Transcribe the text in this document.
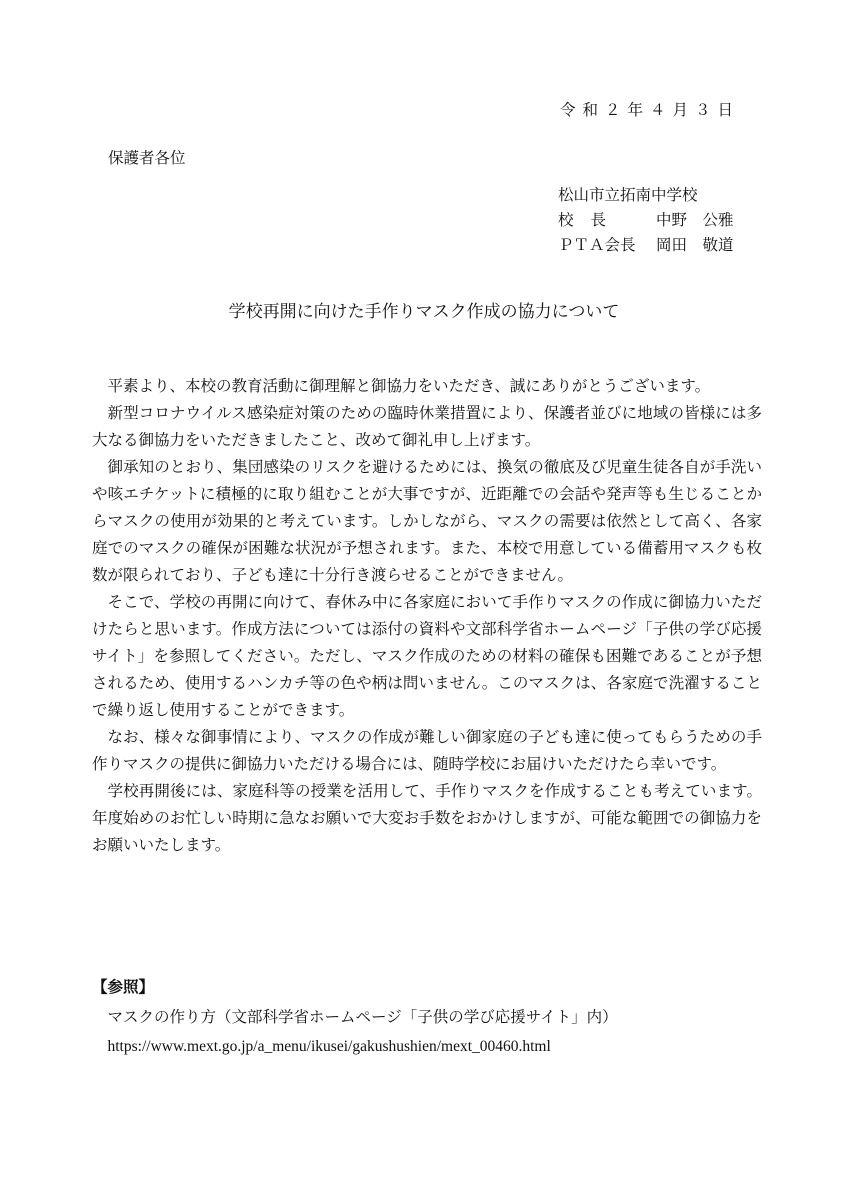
令和２年４月３日
保護者各位
松山市立拓南中学校
校長	中野　公雅
ＰＴＡ会長	岡田　敬道
学校再開に向けた手作りマスク作成の協力について

平素より、本校の教育活動に御理解と御協力をいただき、誠にありがとうございます。

新型コロナウイルス感染症対策のための臨時休業措置により、保護者並びに地域の皆様には多大なる御協力をいただきましたこと、改めて御礼申し上げます。

御承知のとおり、集団感染のリスクを避けるためには、換気の徹底及び児童生徒各自が手洗いや咳エチケットに積極的に取り組むことが大事ですが、近距離での会話や発声等も生じることからマスクの使用が効果的と考えています。しかしながら、マスクの需要は依然として高く、各家庭でのマスクの確保が困難な状況が予想されます。また、本校で用意している備蓄用マスクも枚数が限られており、子ども達に十分行き渡らせることができません。

そこで、学校の再開に向けて、春休み中に各家庭において手作りマスクの作成に御協力いただけたらと思います。作成方法については添付の資料や文部科学省ホームページ「子供の学び応援サイト」を参照してください。ただし、マスク作成のための材料の確保も困難であることが予想されるため、使用するハンカチ等の色や柄は問いません。このマスクは、各家庭で洗濯することで繰り返し使用することができます。

なお、様々な御事情により、マスクの作成が難しい御家庭の子ども達に使ってもらうための手作りマスクの提供に御協力いただける場合には、随時学校にお届けいただけたら幸いです。

学校再開後には、家庭科等の授業を活用して、手作りマスクを作成することも考えています。年度始めのお忙しい時期に急なお願いで大変お手数をおかけしますが、可能な範囲での御協力をお願いいたします。

【参照】
マスクの作り方（文部科学省ホームページ「子供の学び応援サイト」内）
https://www.mext.go.jp/a_menu/ikusei/gakushushien/mext_00460.html
